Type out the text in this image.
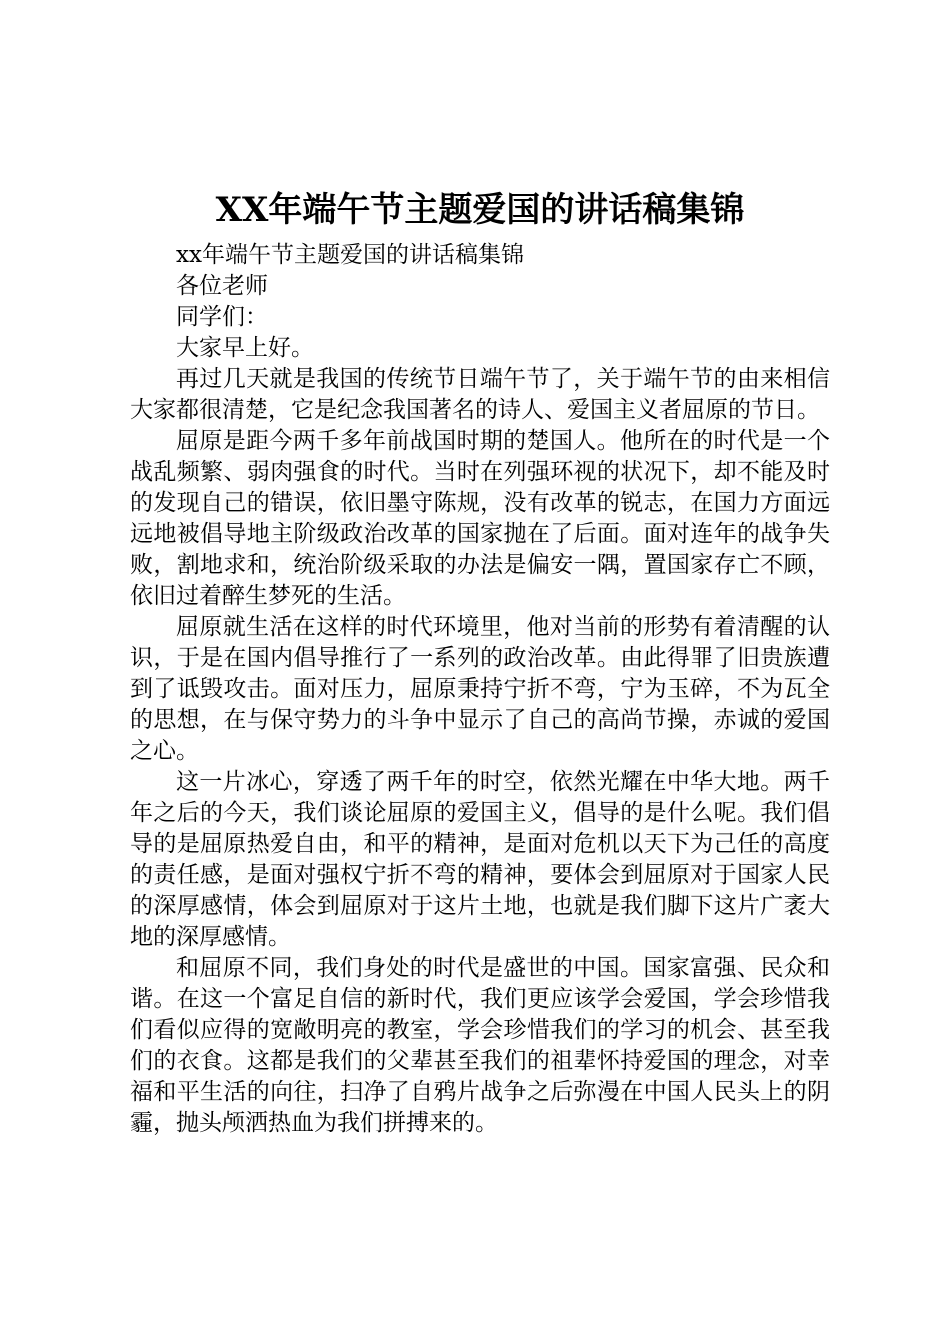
XX年端午节主题爱国的讲话稿集锦

xx年端午节主题爱国的讲话稿集锦

各位老师

同学们：

大家早上好。

再过几天就是我国的传统节日端午节了，关于端午节的由来相信大家都很清楚，它是纪念我国著名的诗人、爱国主义者屈原的节日。

屈原是距今两千多年前战国时期的楚国人。他所在的时代是一个战乱频繁、弱肉强食的时代。当时在列强环视的状况下，却不能及时的发现自己的错误，依旧墨守陈规，没有改革的锐志，在国力方面远远地被倡导地主阶级政治改革的国家抛在了后面。面对连年的战争失败，割地求和，统治阶级采取的办法是偏安一隅，置国家存亡不顾，依旧过着醉生梦死的生活。

屈原就生活在这样的时代环境里，他对当前的形势有着清醒的认识，于是在国内倡导推行了一系列的政治改革。由此得罪了旧贵族遭到了诋毁攻击。面对压力，屈原秉持宁折不弯，宁为玉碎，不为瓦全的思想，在与保守势力的斗争中显示了自己的高尚节操，赤诚的爱国之心。

这一片冰心，穿透了两千年的时空，依然光耀在中华大地。两千年之后的今天，我们谈论屈原的爱国主义，倡导的是什么呢。我们倡导的是屈原热爱自由，和平的精神，是面对危机以天下为己任的高度的责任感，是面对强权宁折不弯的精神，要体会到屈原对于国家人民的深厚感情，体会到屈原对于这片土地，也就是我们脚下这片广袤大地的深厚感情。

和屈原不同，我们身处的时代是盛世的中国。国家富强、民众和谐。在这一个富足自信的新时代，我们更应该学会爱国，学会珍惜我们看似应得的宽敞明亮的教室，学会珍惜我们的学习的机会、甚至我们的衣食。这都是我们的父辈甚至我们的祖辈怀持爱国的理念，对幸福和平生活的向往，扫净了自鸦片战争之后弥漫在中国人民头上的阴霾，抛头颅洒热血为我们拼搏来的。
